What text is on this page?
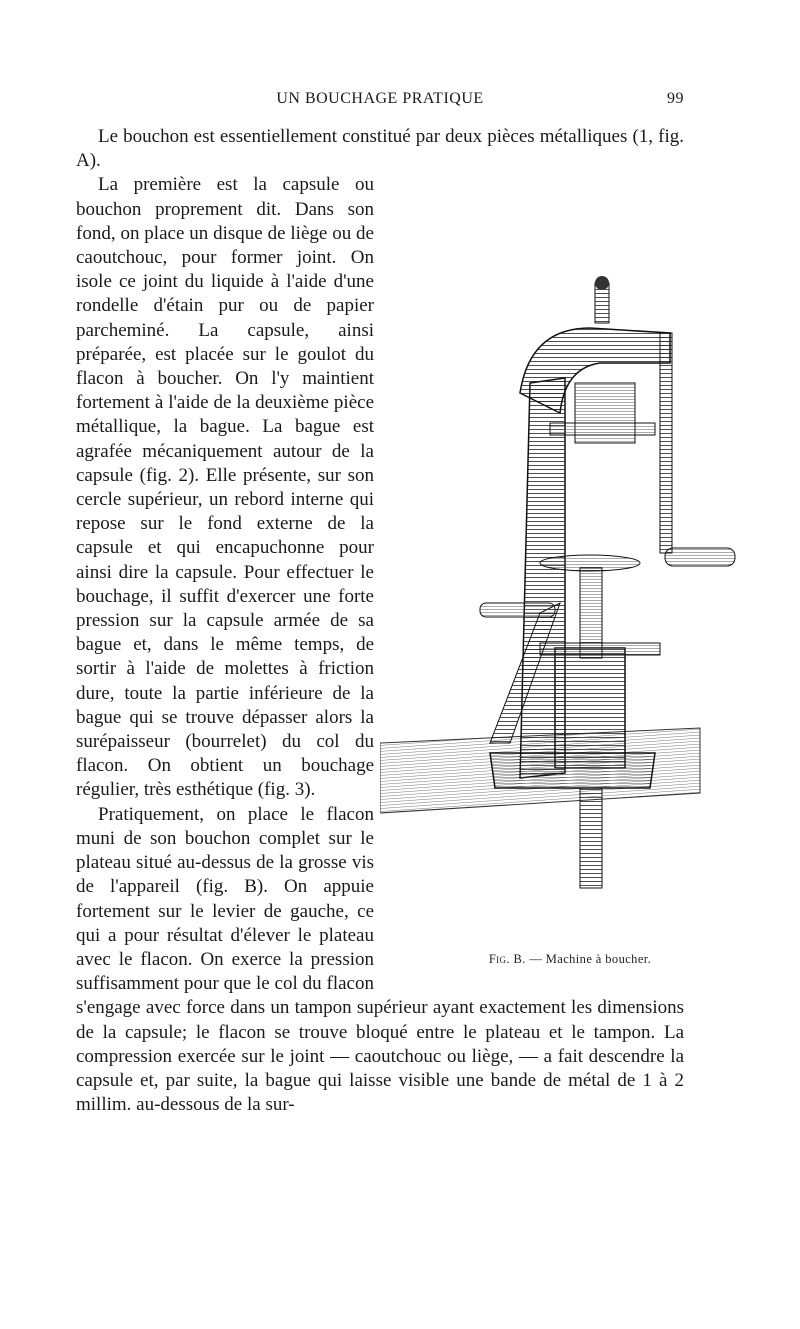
UN BOUCHAGE PRATIQUE	99

Le bouchon est essentiellement constitué par deux pièces métalliques (1, fig. A).

Fig. B. — Machine à boucher.

La première est la capsule ou bouchon proprement dit. Dans son fond, on place un disque de liège ou de caoutchouc, pour former joint. On isole ce joint du liquide à l'aide d'une rondelle d'étain pur ou de papier parcheminé. La capsule, ainsi préparée, est placée sur le goulot du flacon à boucher. On l'y maintient fortement à l'aide de la deuxième pièce métallique, la bague. La bague est agrafée mécaniquement autour de la capsule (fig. 2). Elle présente, sur son cercle supérieur, un rebord interne qui repose sur le fond externe de la capsule et qui encapuchonne pour ainsi dire la capsule. Pour effectuer le bouchage, il suffit d'exercer une forte pression sur la capsule armée de sa bague et, dans le même temps, de sortir à l'aide de molettes à friction dure, toute la partie inférieure de la bague qui se trouve dépasser alors la surépaisseur (bourrelet) du col du flacon. On obtient un bouchage régulier, très esthétique (fig. 3).

Pratiquement, on place le flacon muni de son bouchon complet sur le plateau situé au-dessus de la grosse vis de l'appareil (fig. B). On appuie fortement sur le levier de gauche, ce qui a pour résultat d'élever le plateau avec le flacon. On exerce la pression suffisamment pour que le col du flacon s'engage avec force dans un tampon supérieur ayant exactement les dimensions de la capsule; le flacon se trouve bloqué entre le plateau et le tampon. La compression exercée sur le joint — caoutchouc ou liège, — a fait descendre la capsule et, par suite, la bague qui laisse visible une bande de métal de 1 à 2 millim. au-dessous de la sur-
